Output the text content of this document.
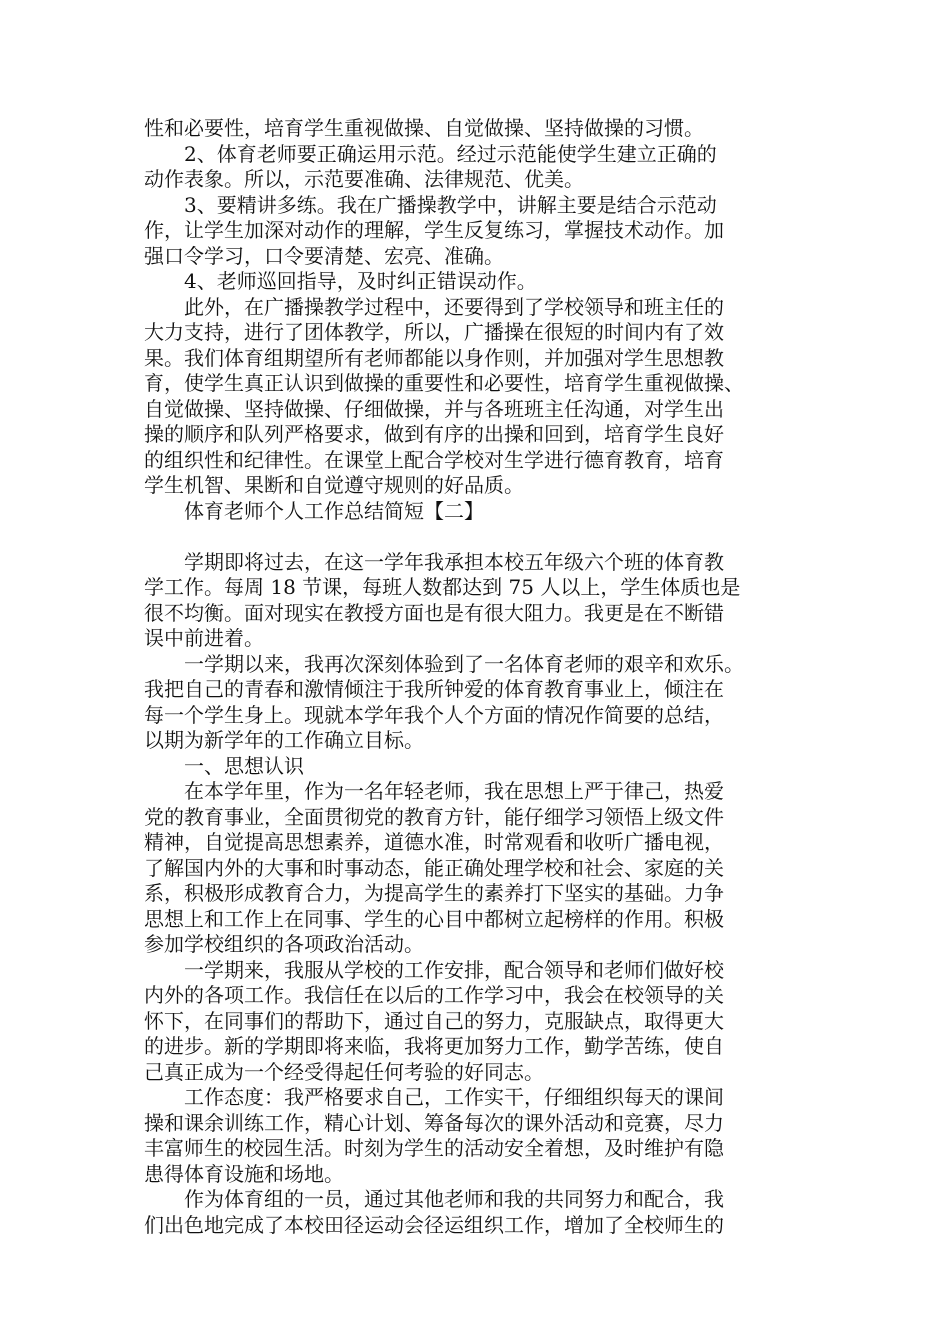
性和必要性，培育学生重视做操、自觉做操、坚持做操的习惯。
　　2、体育老师要正确运用示范。经过示范能使学生建立正确的
动作表象。所以，示范要准确、法律规范、优美。
　　3、要精讲多练。我在广播操教学中，讲解主要是结合示范动
作，让学生加深对动作的理解，学生反复练习，掌握技术动作。加
强口令学习，口令要清楚、宏亮、准确。
　　4、老师巡回指导，及时纠正错误动作。
　　此外，在广播操教学过程中，还要得到了学校领导和班主任的
大力支持，进行了团体教学，所以，广播操在很短的时间内有了效
果。我们体育组期望所有老师都能以身作则，并加强对学生思想教
育，使学生真正认识到做操的重要性和必要性，培育学生重视做操、
自觉做操、坚持做操、仔细做操，并与各班班主任沟通，对学生出
操的顺序和队列严格要求，做到有序的出操和回到，培育学生良好
的组织性和纪律性。在课堂上配合学校对生学进行德育教育，培育
学生机智、果断和自觉遵守规则的好品质。
　　体育老师个人工作总结简短【二】
　　学期即将过去，在这一学年我承担本校五年级六个班的体育教
学工作。每周 18 节课，每班人数都达到 75 人以上，学生体质也是
很不均衡。面对现实在教授方面也是有很大阻力。我更是在不断错
误中前进着。
　　一学期以来，我再次深刻体验到了一名体育老师的艰辛和欢乐。
我把自己的青春和激情倾注于我所钟爱的体育教育事业上，倾注在
每一个学生身上。现就本学年我个人个方面的情况作简要的总结，
以期为新学年的工作确立目标。
　　一、思想认识
　　在本学年里，作为一名年轻老师，我在思想上严于律己，热爱
党的教育事业，全面贯彻党的教育方针，能仔细学习领悟上级文件
精神，自觉提高思想素养，道德水准，时常观看和收听广播电视，
了解国内外的大事和时事动态，能正确处理学校和社会、家庭的关
系，积极形成教育合力，为提高学生的素养打下坚实的基础。力争
思想上和工作上在同事、学生的心目中都树立起榜样的作用。积极
参加学校组织的各项政治活动。
　　一学期来，我服从学校的工作安排，配合领导和老师们做好校
内外的各项工作。我信任在以后的工作学习中，我会在校领导的关
怀下，在同事们的帮助下，通过自己的努力，克服缺点，取得更大
的进步。新的学期即将来临，我将更加努力工作，勤学苦练，使自
己真正成为一个经受得起任何考验的好同志。
　　工作态度：我严格要求自己，工作实干，仔细组织每天的课间
操和课余训练工作，精心计划、筹备每次的课外活动和竞赛，尽力
丰富师生的校园生活。时刻为学生的活动安全着想，及时维护有隐
患得体育设施和场地。
　　作为体育组的一员，通过其他老师和我的共同努力和配合，我
们出色地完成了本校田径运动会径运组织工作，增加了全校师生的
